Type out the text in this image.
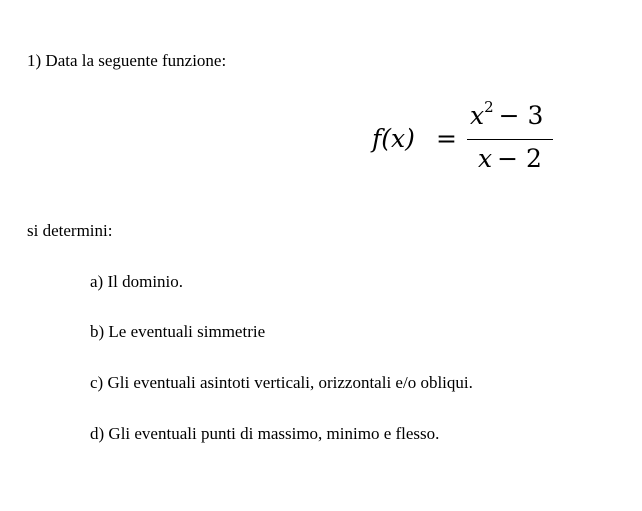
1) Data la seguente funzione:
f(x) =
$x^2 - 3$
x − 2
si determini:
a) Il dominio.
b) Le eventuali simmetrie
c) Gli eventuali asintoti verticali, orizzontali e/o obliqui.
d) Gli eventuali punti di massimo, minimo e flesso.
